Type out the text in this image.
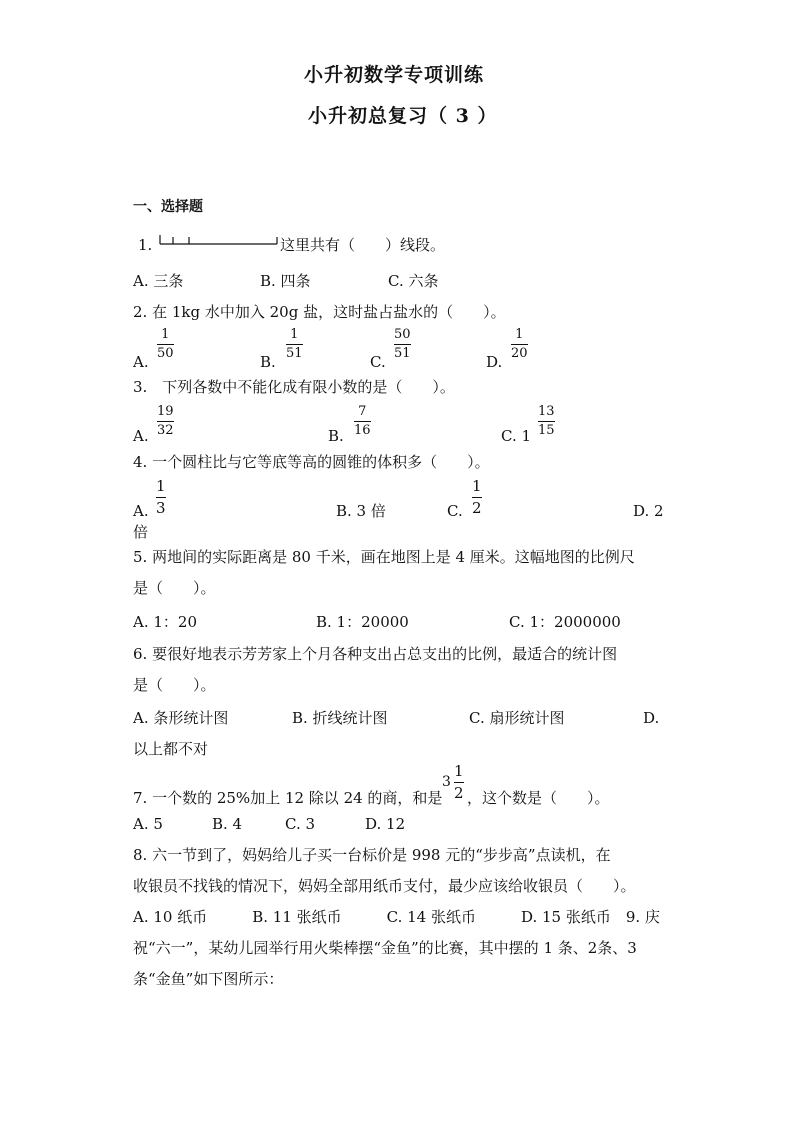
小升初数学专项训练
小升初总复习（ 3 ）
一、选择题
1.	这里共有（　　）线段。
A. 三条	B. 四条	C. 六条
2. 在 1kg 水中加入 20g 盐，这时盐占盐水的（　　）。
A.
1
50	B.
1
51	C.
50
51	D.
1
20
3.　下列各数中不能化成有限小数的是（　　）。
A.
19
32	B.
7
16	C. 1
13
15
4. 一个圆柱比与它等底等高的圆锥的体积多（　　）。
A.
1
3	B. 3 倍	C.
1
2	D. 2
倍
5. 两地间的实际距离是 80 千米，画在地图上是 4 厘米。这幅地图的比例尺
是（　　）。
A. 1：20	B. 1：20000	C. 1：2000000
6. 要很好地表示芳芳家上个月各种支出占总支出的比例，最适合的统计图
是（　　）。
A. 条形统计图	B. 折线统计图	C. 扇形统计图	D.
以上都不对
7. 一个数的 25%加上 12 除以 24 的商，和是
3
1
2 ，这个数是（　　）。
A. 5	B. 4	C. 3	D. 12
8. 六一节到了，妈妈给儿子买一台标价是 998 元的“步步高”点读机，在
收银员不找钱的情况下，妈妈全部用纸币支付，最少应该给收银员（　　）。
A. 10 纸币　　　B. 11 张纸币　　　C. 14 张纸币　　　D. 15 张纸币　9. 庆
祝“六一”，某幼儿园举行用火柴棒摆“金鱼”的比赛，其中摆的 1 条、2条、3
条“金鱼”如下图所示：
